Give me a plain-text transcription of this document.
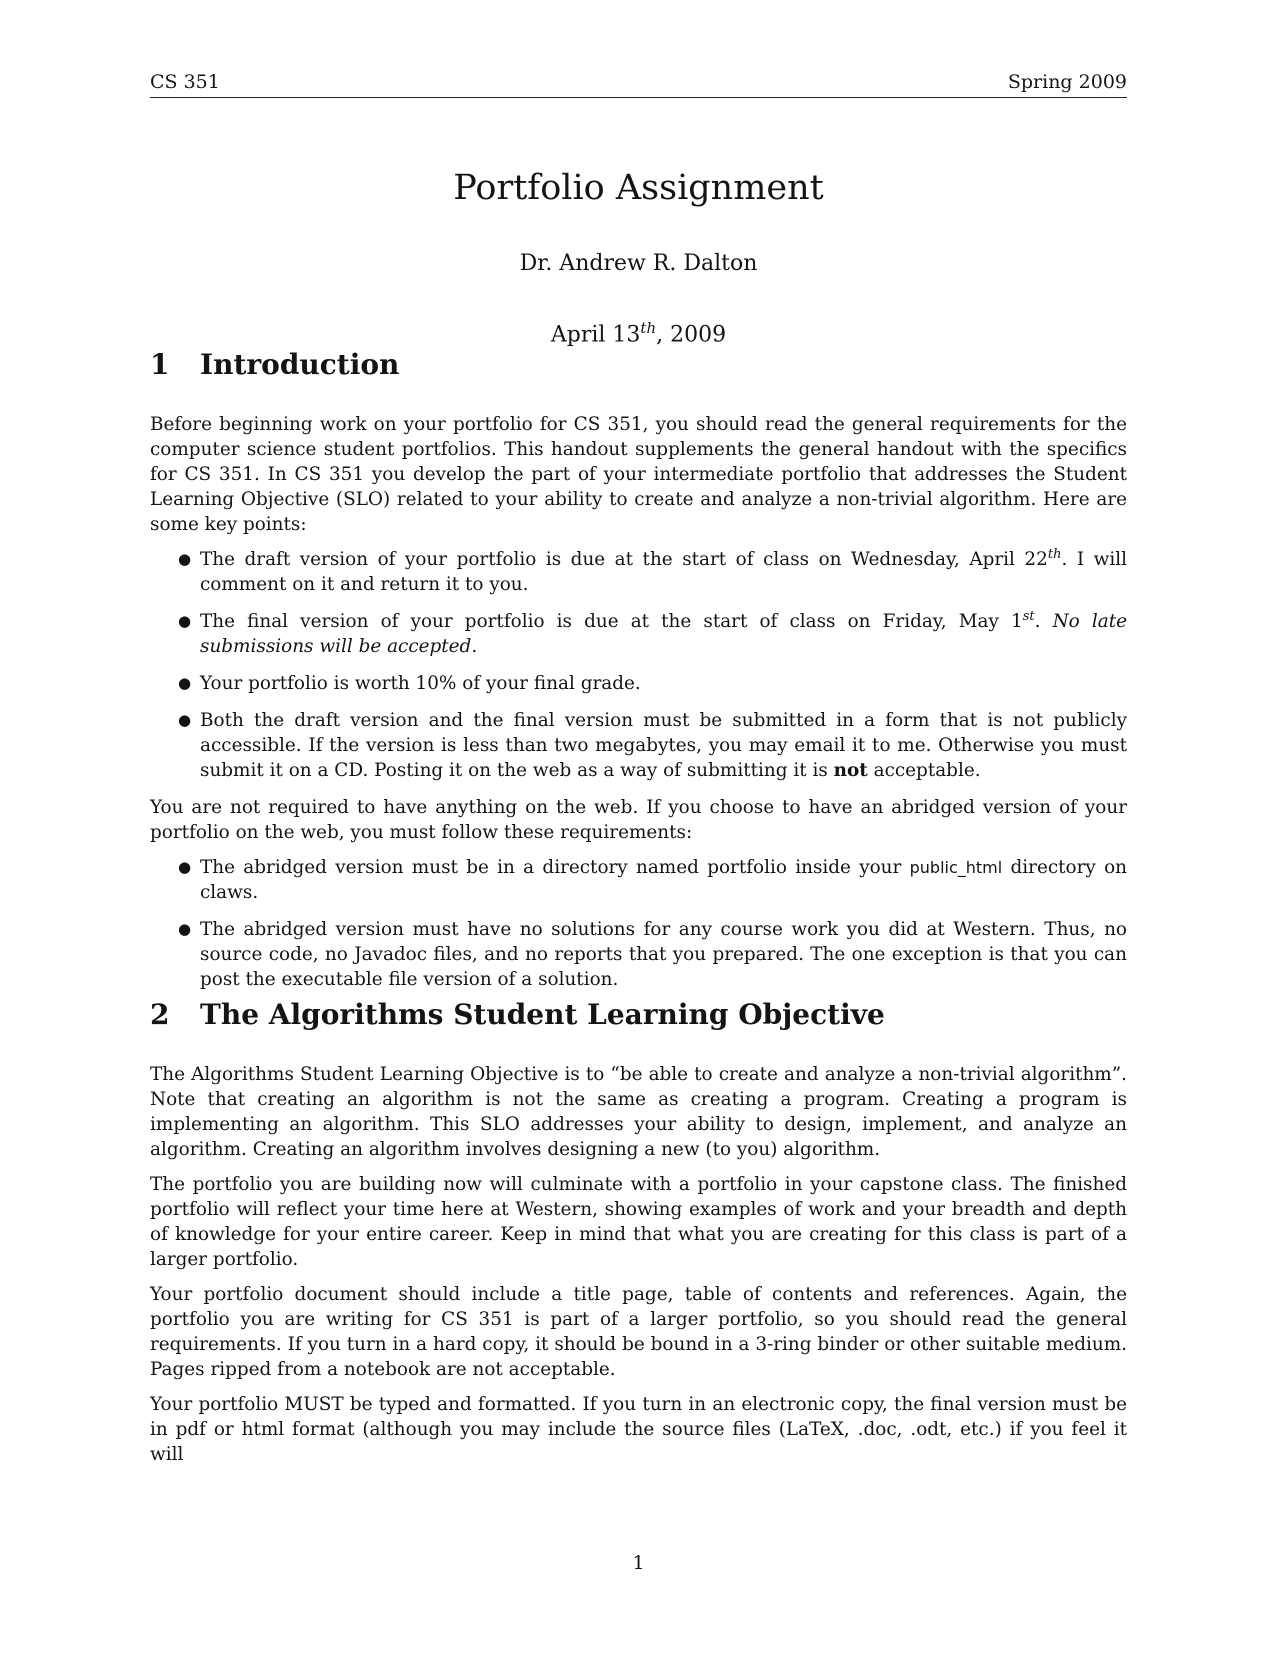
CS 351	Spring 2009
Portfolio Assignment
Dr. Andrew R. Dalton
April 13th, 2009
1 Introduction

Before beginning work on your portfolio for CS 351, you should read the general requirements for the computer science student portfolios. This handout supplements the general handout with the specifics for CS 351. In CS 351 you develop the part of your intermediate portfolio that addresses the Student Learning Objective (SLO) related to your ability to create and analyze a non-trivial algorithm. Here are some key points:

● The draft version of your portfolio is due at the start of class on Wednesday, April 22th. I will comment on it and return it to you.
● The final version of your portfolio is due at the start of class on Friday, May 1st. No late submissions will be accepted.
● Your portfolio is worth 10% of your final grade.
● Both the draft version and the final version must be submitted in a form that is not publicly accessible. If the version is less than two megabytes, you may email it to me. Otherwise you must submit it on a CD. Posting it on the web as a way of submitting it is not acceptable.

You are not required to have anything on the web. If you choose to have an abridged version of your portfolio on the web, you must follow these requirements:

● The abridged version must be in a directory named portfolio inside your public_html directory on claws.
● The abridged version must have no solutions for any course work you did at Western. Thus, no source code, no Javadoc files, and no reports that you prepared. The one exception is that you can post the executable file version of a solution.
2 The Algorithms Student Learning Objective

The Algorithms Student Learning Objective is to “be able to create and analyze a non-trivial algorithm”. Note that creating an algorithm is not the same as creating a program. Creating a program is implementing an algorithm. This SLO addresses your ability to design, implement, and analyze an algorithm. Creating an algorithm involves designing a new (to you) algorithm.

The portfolio you are building now will culminate with a portfolio in your capstone class. The finished portfolio will reflect your time here at Western, showing examples of work and your breadth and depth of knowledge for your entire career. Keep in mind that what you are creating for this class is part of a larger portfolio.

Your portfolio document should include a title page, table of contents and references. Again, the portfolio you are writing for CS 351 is part of a larger portfolio, so you should read the general requirements. If you turn in a hard copy, it should be bound in a 3-ring binder or other suitable medium. Pages ripped from a notebook are not acceptable.

Your portfolio MUST be typed and formatted. If you turn in an electronic copy, the final version must be in pdf or html format (although you may include the source files (LaTeX, .doc, .odt, etc.) if you feel it will

1
